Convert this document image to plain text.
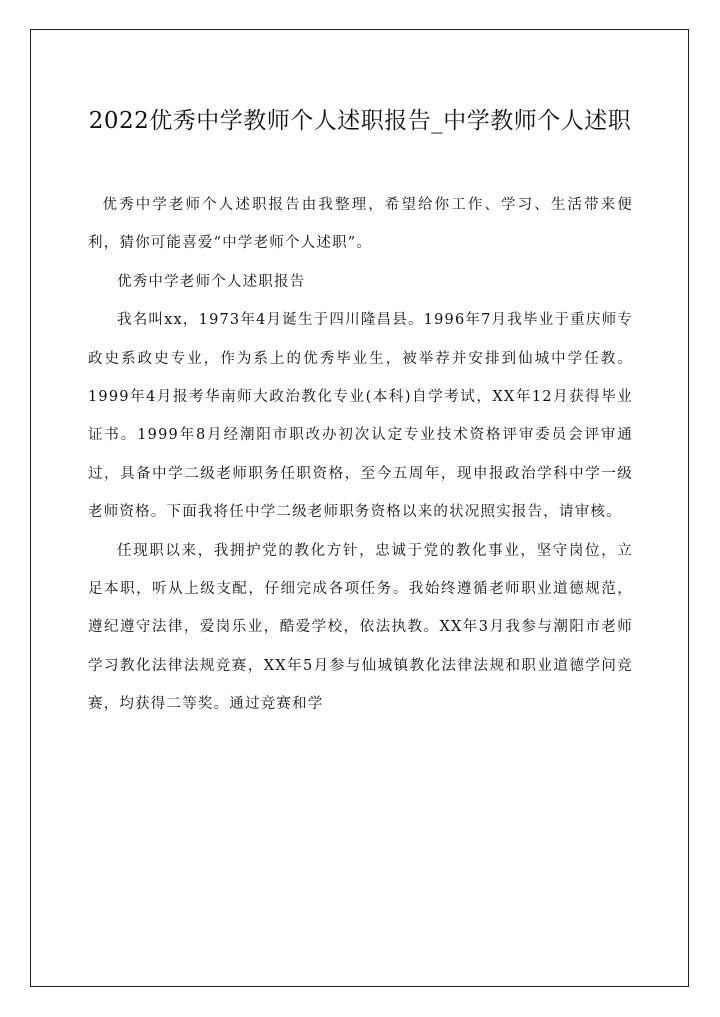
2022优秀中学教师个人述职报告_中学教师个人述职

优秀中学老师个人述职报告由我整理，希望给你工作、学习、生活带来便利，猜你可能喜爱“中学老师个人述职”。

优秀中学老师个人述职报告

我名叫xx，1973年4月诞生于四川隆昌县。1996年7月我毕业于重庆师专政史系政史专业，作为系上的优秀毕业生，被举荐并安排到仙城中学任教。1999年4月报考华南师大政治教化专业(本科)自学考试，XX年12月获得毕业证书。1999年8月经潮阳市职改办初次认定专业技术资格评审委员会评审通过，具备中学二级老师职务任职资格，至今五周年，现申报政治学科中学一级老师资格。下面我将任中学二级老师职务资格以来的状况照实报告，请审核。

任现职以来，我拥护党的教化方针，忠诚于党的教化事业，坚守岗位，立足本职，听从上级支配，仔细完成各项任务。我始终遵循老师职业道德规范，遵纪遵守法律，爱岗乐业，酷爱学校，依法执教。XX年3月我参与潮阳市老师学习教化法律法规竞赛，XX年5月参与仙城镇教化法律法规和职业道德学问竞赛，均获得二等奖。通过竞赛和学
